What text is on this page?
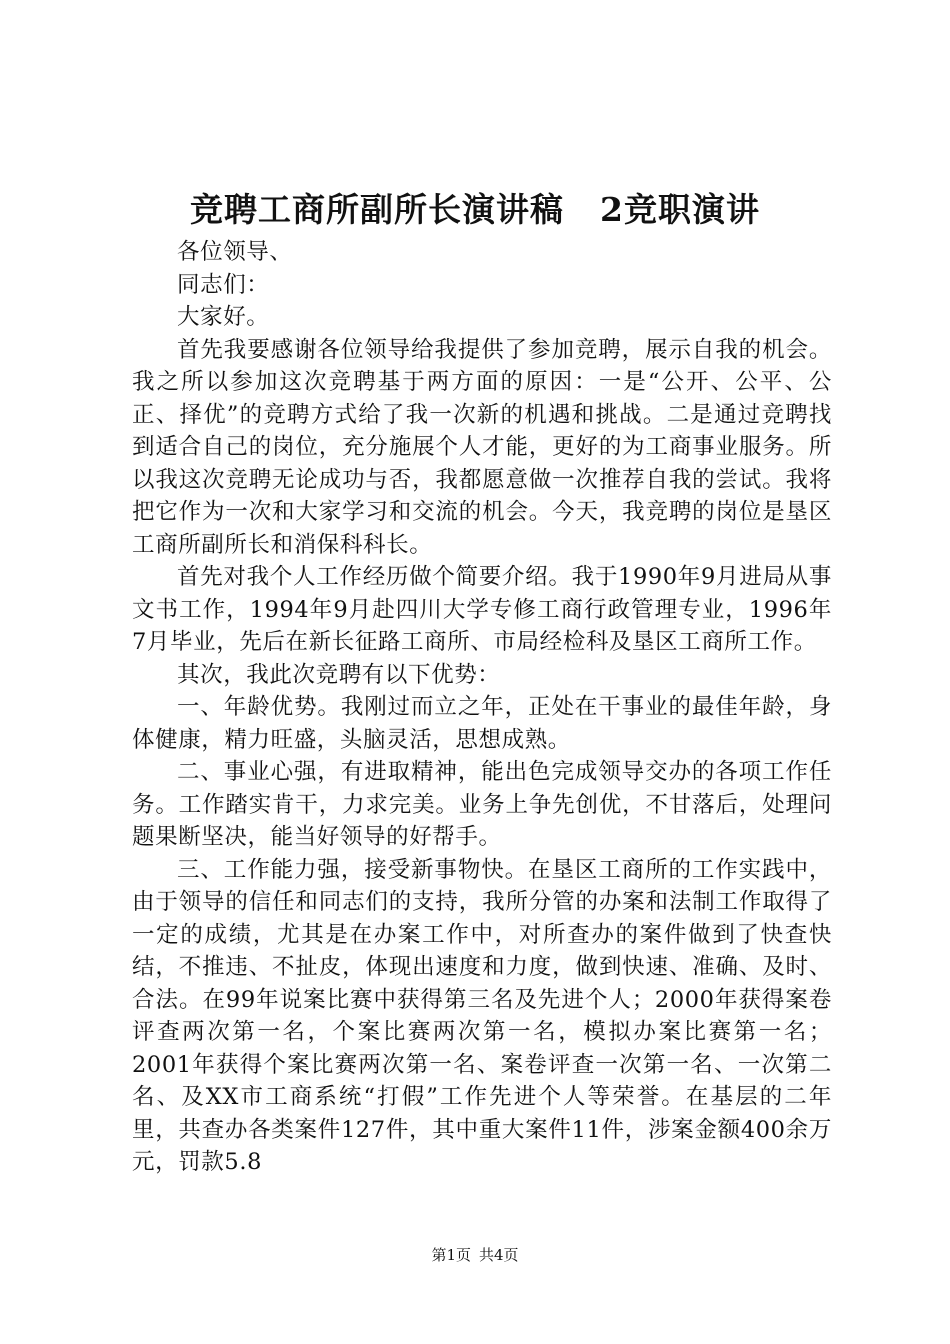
竞聘工商所副所长演讲稿 2竞职演讲

各位领导、

同志们：

大家好。

首先我要感谢各位领导给我提供了参加竞聘，展示自我的机会。我之所以参加这次竞聘基于两方面的原因：一是“公开、公平、公正、择优”的竞聘方式给了我一次新的机遇和挑战。二是通过竞聘找到适合自己的岗位，充分施展个人才能，更好的为工商事业服务。所以我这次竞聘无论成功与否，我都愿意做一次推荐自我的尝试。我将把它作为一次和大家学习和交流的机会。今天，我竞聘的岗位是垦区工商所副所长和消保科科长。

首先对我个人工作经历做个简要介绍。我于1990年9月进局从事文书工作，1994年9月赴四川大学专修工商行政管理专业，1996年7月毕业，先后在新长征路工商所、市局经检科及垦区工商所工作。

其次，我此次竞聘有以下优势：

一、年龄优势。我刚过而立之年，正处在干事业的最佳年龄，身体健康，精力旺盛，头脑灵活，思想成熟。

二、事业心强，有进取精神，能出色完成领导交办的各项工作任务。工作踏实肯干，力求完美。业务上争先创优，不甘落后，处理问题果断坚决，能当好领导的好帮手。

三、工作能力强，接受新事物快。在垦区工商所的工作实践中，由于领导的信任和同志们的支持，我所分管的办案和法制工作取得了一定的成绩，尤其是在办案工作中，对所查办的案件做到了快查快结，不推违、不扯皮，体现出速度和力度，做到快速、准确、及时、合法。在99年说案比赛中获得第三名及先进个人；2000年获得案卷评查两次第一名，个案比赛两次第一名，模拟办案比赛第一名；2001年获得个案比赛两次第一名、案卷评查一次第一名、一次第二名、及XX市工商系统“打假”工作先进个人等荣誉。在基层的二年里，共查办各类案件127件，其中重大案件11件，涉案金额400余万元，罚款5.8

第1页 共4页
